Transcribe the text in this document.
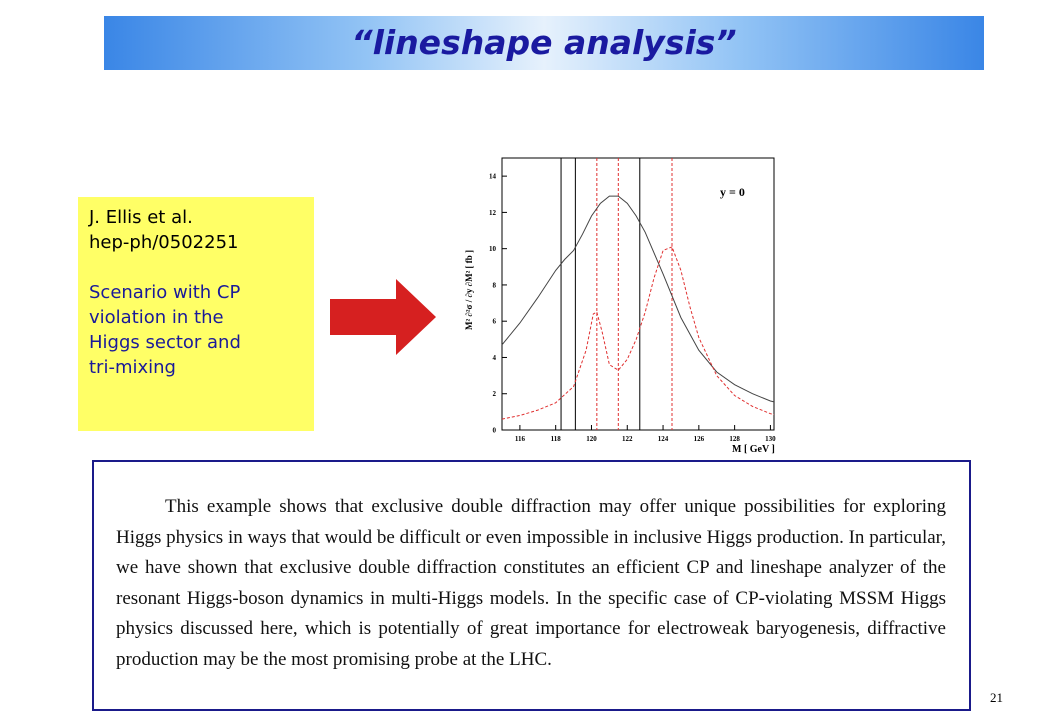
“lineshape analysis”
J. Ellis et al.
hep-ph/0502251
Scenario with CP
violation in the
Higgs sector and
tri-mixing
116	118	120	122	124	126	128	130
0
2
4
6
8
10
12
14
y = 0
M [ GeV ]
M² ∂²σ / ∂y ∂M² [ fb ]
This example shows that exclusive double diffraction may offer unique possibilities for exploring Higgs physics in ways that would be difficult or even impossible in inclusive Higgs production. In particular, we have shown that exclusive double diffraction constitutes an efficient CP and lineshape analyzer of the resonant Higgs-boson dynamics in multi-Higgs models. In the specific case of CP-violating MSSM Higgs physics discussed here, which is potentially of great importance for electroweak baryogenesis, diffractive production may be the most promising probe at the LHC.
21
